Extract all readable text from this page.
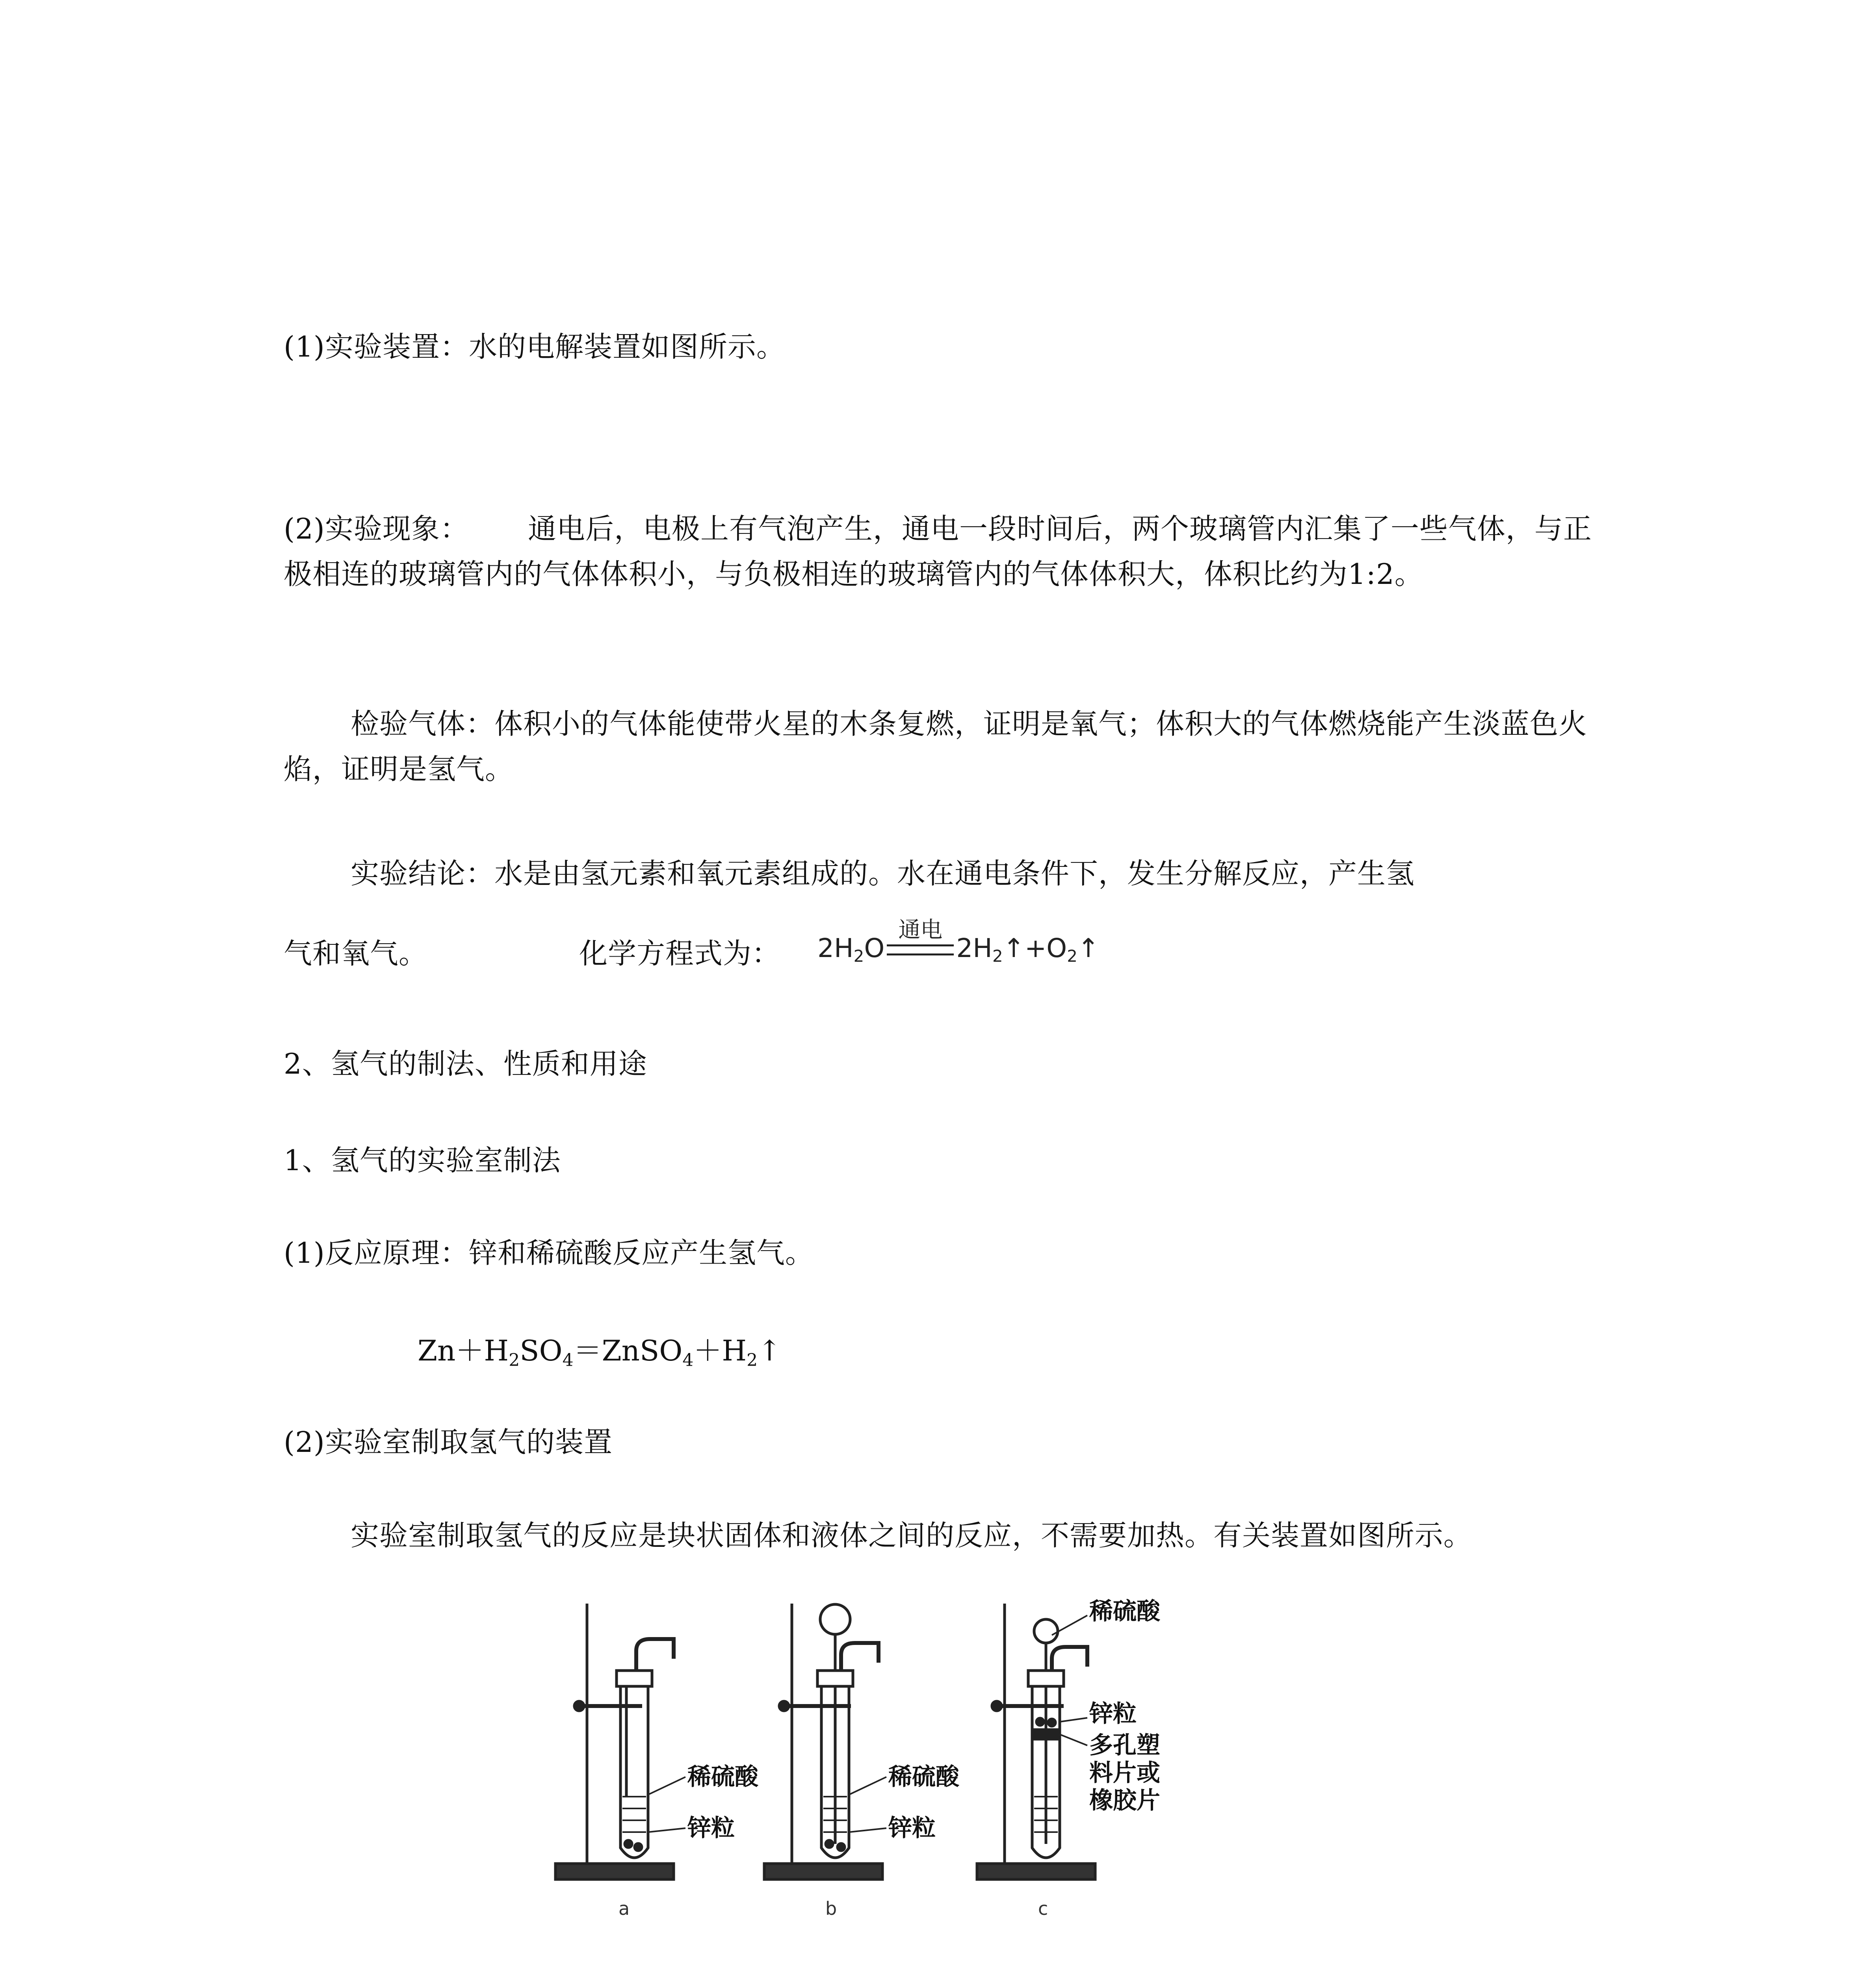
(1)实验装置：水的电解装置如图所示。
(2)实验现象： 通电后，电极上有气泡产生，通电一段时间后，两个玻璃管内汇集了一些气体，与正极相连的玻璃管内的气体体积小，与负极相连的玻璃管内的气体体积大，体积比约为1:2。
检验气体：体积小的气体能使带火星的木条复燃，证明是氧气；体积大的气体燃烧能产生淡蓝色火焰，证明是氢气。
实验结论：水是由氢元素和氧元素组成的。水在通电条件下，发生分解反应，产生氢
气和氧气。	化学方程式为： $2H_2O$
通电
$2H_2↑+O_2↑$
2、氢气的制法、性质和用途
1、氢气的实验室制法
(1)反应原理：锌和稀硫酸反应产生氢气。
$Zn+H_2SO_4=ZnSO_4+H_2↑$
(2)实验室制取氢气的装置
实验室制取氢气的反应是块状固体和液体之间的反应，不需要加热。有关装置如图所示。
稀硫酸
锌粒
稀硫酸
锌粒
稀硫酸
锌粒
多孔塑
料片或
橡胶片
a	b	c
